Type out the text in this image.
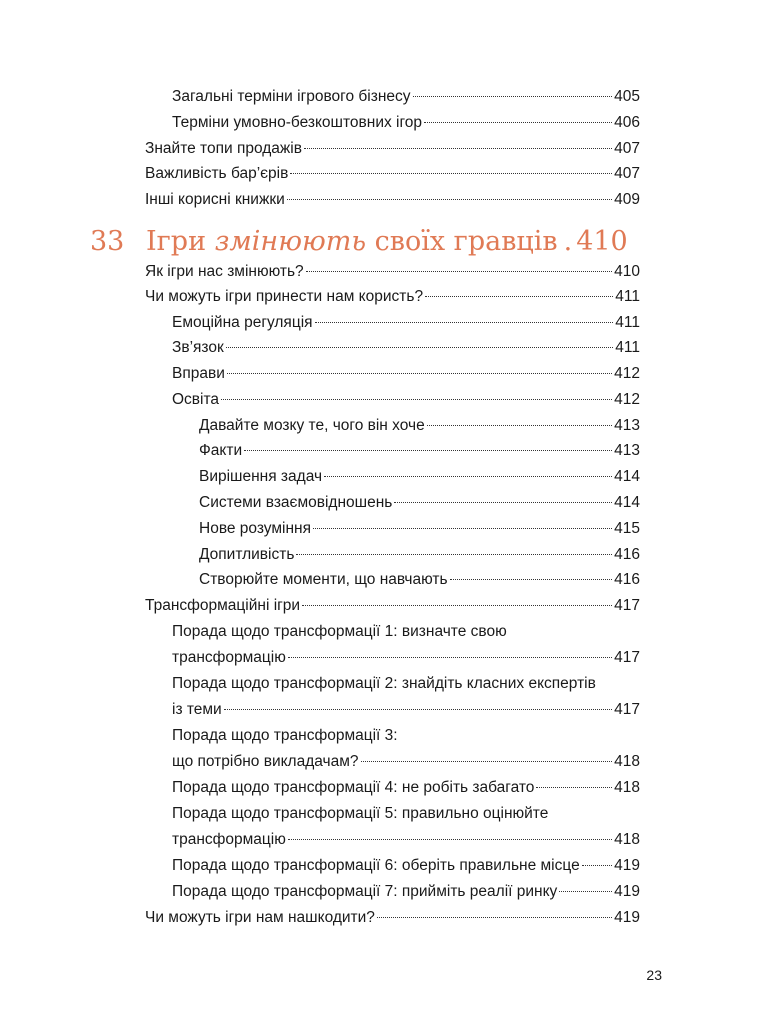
Загальні терміни ігрового бізнесу	405
Терміни умовно-безкоштовних ігор	406
Знайте топи продажів	407
Важливість бар’єрів	407
Інші корисні книжки	409
33 Ігри змінюють своїх гравців . 410
Як ігри нас змінюють?	410
Чи можуть ігри принести нам користь?	411
Емоційна регуляція	411
Зв’язок	411
Вправи	412
Освіта	412
Давайте мозку те, чого він хоче	413
Факти	413
Вирішення задач	414
Системи взаємовідношень	414
Нове розуміння	415
Допитливість	416
Створюйте моменти, що навчають	416
Трансформаційні ігри	417
Порада щодо трансформації 1: визначте свою
трансформацію	417
Порада щодо трансформації 2: знайдіть класних експертів
із теми	417
Порада щодо трансформації 3:
що потрібно викладачам?	418
Порада щодо трансформації 4: не робіть забагато	418
Порада щодо трансформації 5: правильно оцінюйте
трансформацію	418
Порада щодо трансформації 6: оберіть правильне місце 419
Порада щодо трансформації 7: прийміть реалії ринку	419
Чи можуть ігри нам нашкодити?	419
23
